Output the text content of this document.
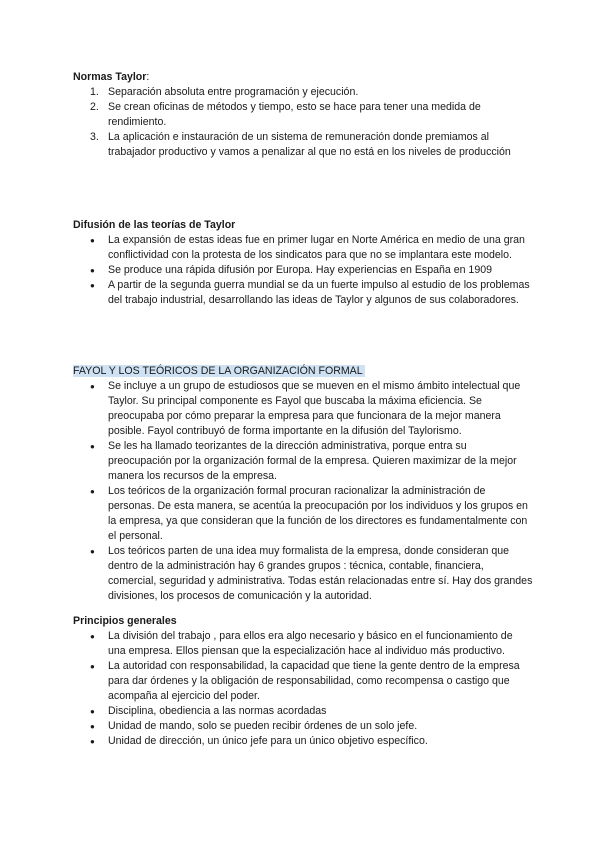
Normas Taylor:

1. Separación absoluta entre programación y ejecución.
2. Se crean oficinas de métodos y tiempo, esto se hace para tener una medida de rendimiento.
3. La aplicación e instauración de un sistema de remuneración donde premiamos al trabajador productivo y vamos a penalizar al que no está en los niveles de producción

Difusión de las teorías de Taylor

● La expansión de estas ideas fue en primer lugar en Norte América en medio de una gran conflictividad con la protesta de los sindicatos para que no se implantara este modelo.
● Se produce una rápida difusión por Europa. Hay experiencias en España en 1909
● A partir de la segunda guerra mundial se da un fuerte impulso al estudio de los problemas del trabajo industrial, desarrollando las ideas de Taylor y algunos de sus colaboradores.

FAYOL Y LOS TEÓRICOS DE LA ORGANIZACIÓN FORMAL

● Se incluye a un grupo de estudiosos que se mueven en el mismo ámbito intelectual que Taylor. Su principal componente es Fayol que buscaba la máxima eficiencia. Se preocupaba por cómo preparar la empresa para que funcionara de la mejor manera posible. Fayol contribuyó de forma importante en la difusión del Taylorismo.
● Se les ha llamado teorizantes de la dirección administrativa, porque entra su preocupación por la organización formal de la empresa. Quieren maximizar de la mejor manera los recursos de la empresa.
● Los teóricos de la organización formal procuran racionalizar la administración de personas. De esta manera, se acentúa la preocupación por los individuos y los grupos en la empresa, ya que consideran que la función de los directores es fundamentalmente con el personal.
● Los teóricos parten de una idea muy formalista de la empresa, donde consideran que dentro de la administración hay 6 grandes grupos : técnica, contable, financiera, comercial, seguridad y administrativa. Todas están relacionadas entre sí. Hay dos grandes divisiones, los procesos de comunicación y la autoridad.

Principios generales

● La división del trabajo , para ellos era algo necesario y básico en el funcionamiento de una empresa. Ellos piensan que la especialización hace al individuo más productivo.
● La autoridad con responsabilidad, la capacidad que tiene la gente dentro de la empresa para dar órdenes y la obligación de responsabilidad, como recompensa o castigo que acompaña al ejercicio del poder.
● Disciplina, obediencia a las normas acordadas
● Unidad de mando, solo se pueden recibir órdenes de un solo jefe.
● Unidad de dirección, un único jefe para un único objetivo específico.
